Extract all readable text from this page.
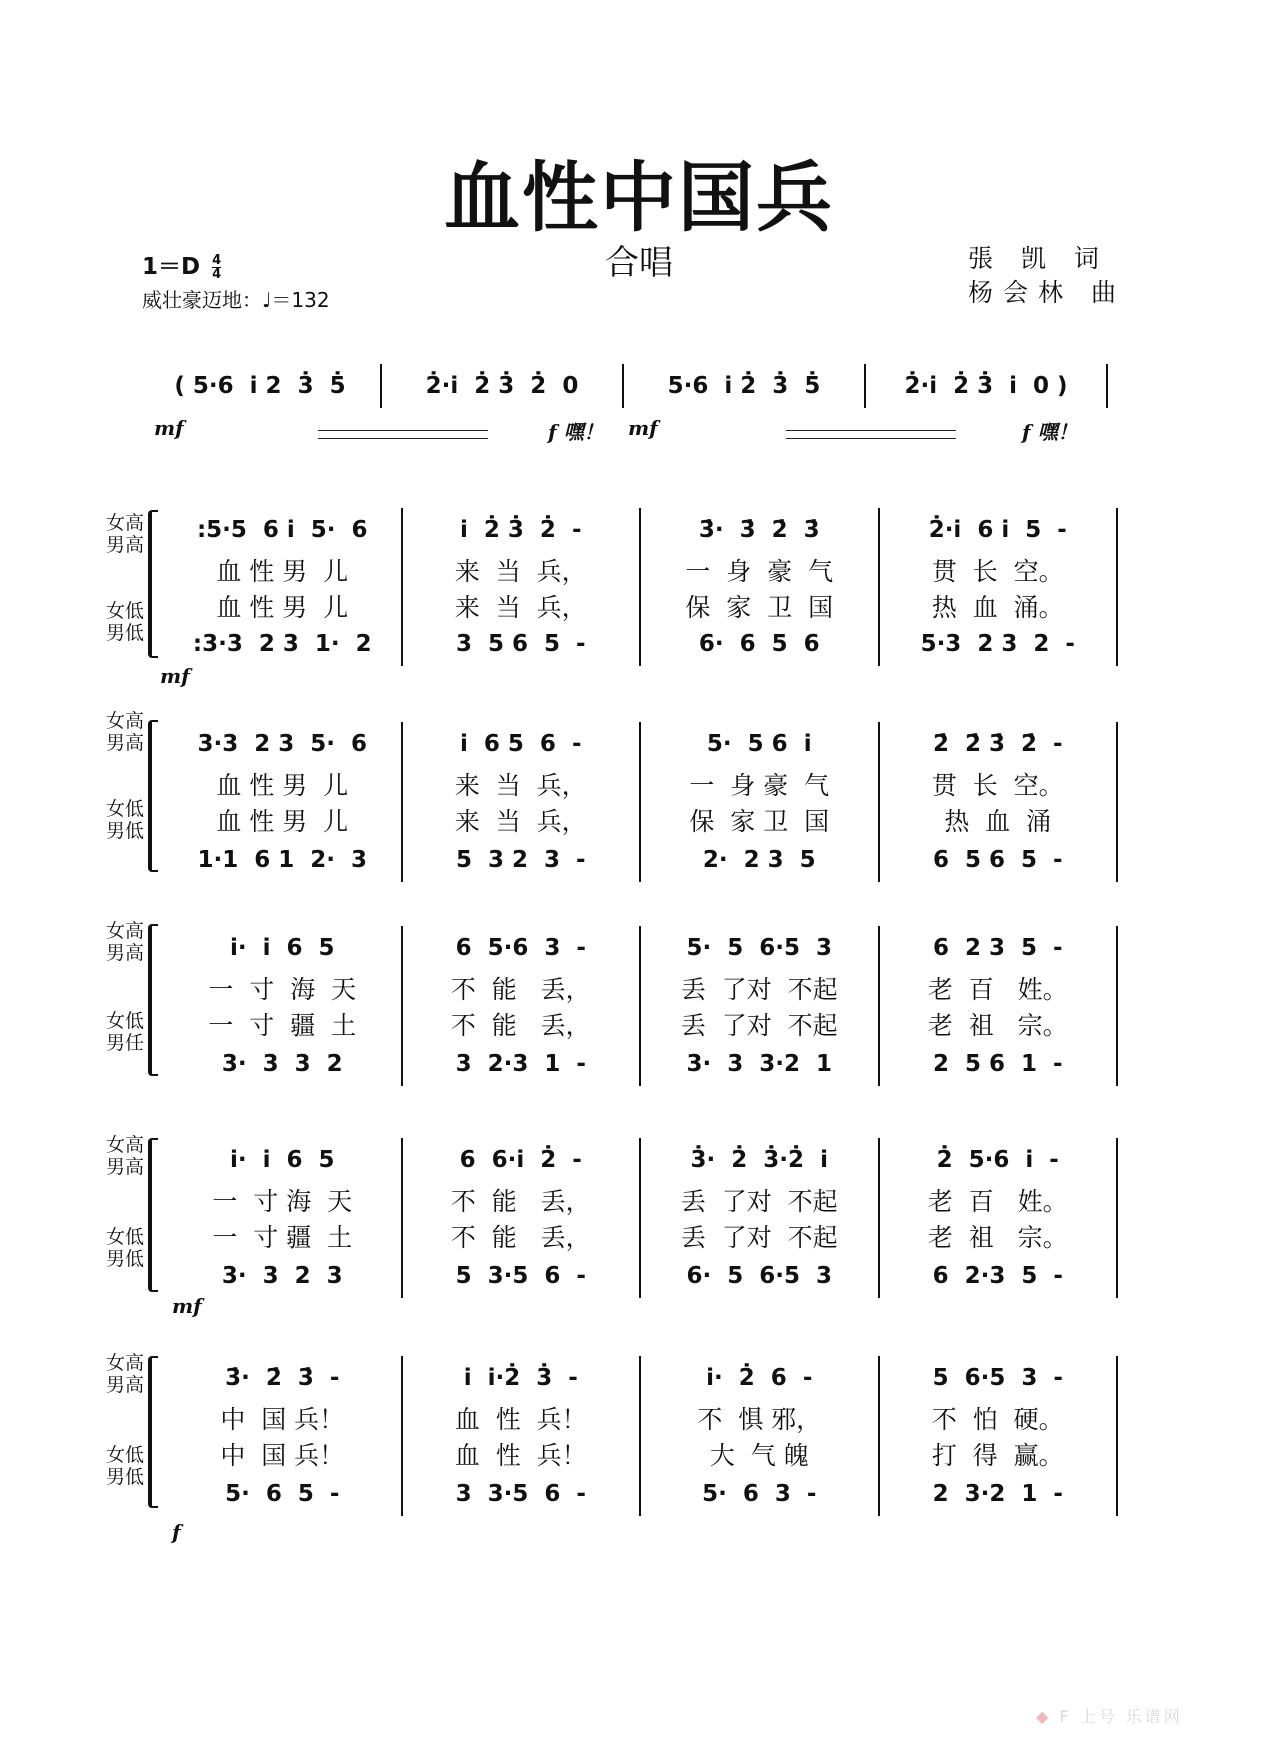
血性中国兵
合唱
$1=D \frac{4}{4}$
威壮豪迈地：♩＝132
張 凯 词
杨会林 曲
( 5·6  i 2  3̇  5̇	2̇·i  2̇ 3̇  2̇  0	5·6  i 2̇  3̇  5̇	2̇·i  2̇ 3̇  i  0 )
mf	f 嘿！ mf	f 嘿！
女高
男高
女低
男低
:5·5  6 i  5·  6	i  2̇ 3̇  2̇  -	3̇·  3̇  2̇  3̇	2̇·i  6 i  5  -
血 性 男  儿	来  当  兵，	一  身  豪  气	贯  长  空。
血 性 男  儿	来  当  兵，	保  家  卫  国	热  血  涌。
:3·3  2 3  1·  2	3  5 6  5  -	6·  6  5  6	5·3  2 3  2  -
mf
女高
男高
女低
男低
3·3  2 3  5·  6	i  6 5  6  -	5·  5 6  i	2̇  2̇ 3̇  2̇  -
血 性 男  儿	来  当  兵，	一  身 豪  气	贯  长  空。
血 性 男  儿	来  当  兵，	保  家 卫  国	热  血  涌
1·1  6 1  2·  3	5  3 2  3  -	2·  2 3  5	6  5 6  5  -
女高
男高
女低
男任
i·  i  6  5	6  5·6  3  -	5·  5  6·5  3	6  2 3  5  -
一  寸  海  天	不  能   丢，	丢  了对  不起	老  百   姓。
一  寸  疆  土	不  能   丢，	丢  了对  不起	老  祖   宗。
3·  3  3  2	3  2·3  1  -	3·  3  3·2  1	2  5 6  1  -
女高
男高
女低
男低
i·  i  6  5	6  6·i  2̇  -	3̇·  2̇  3̇·2̇  i	2̇  5·6  i  -
一  寸 海  天	不  能   丢，	丢  了对  不起	老  百   姓。
一  寸 疆  土	不  能   丢，	丢  了对  不起	老  祖   宗。
3·  3  2  3	5  3·5  6  -	6·  5  6·5  3	6  2·3  5  -
mf
女高
男高
女低
男低
3̇·  2̇  3̇  -	i  i·2̇  3̇  -	i·  2̇  6  -	5  6·5  3  -
中  国 兵！	血  性  兵！	不  惧 邪，	不  怕  硬。
中  国 兵！	血  性  兵！	大  气 魄	打  得  赢。
5·  6  5  -	3  3·5  6  -	5·  6  3  -	2  3·2  1  -
f
◆ F 上号 乐谱网
